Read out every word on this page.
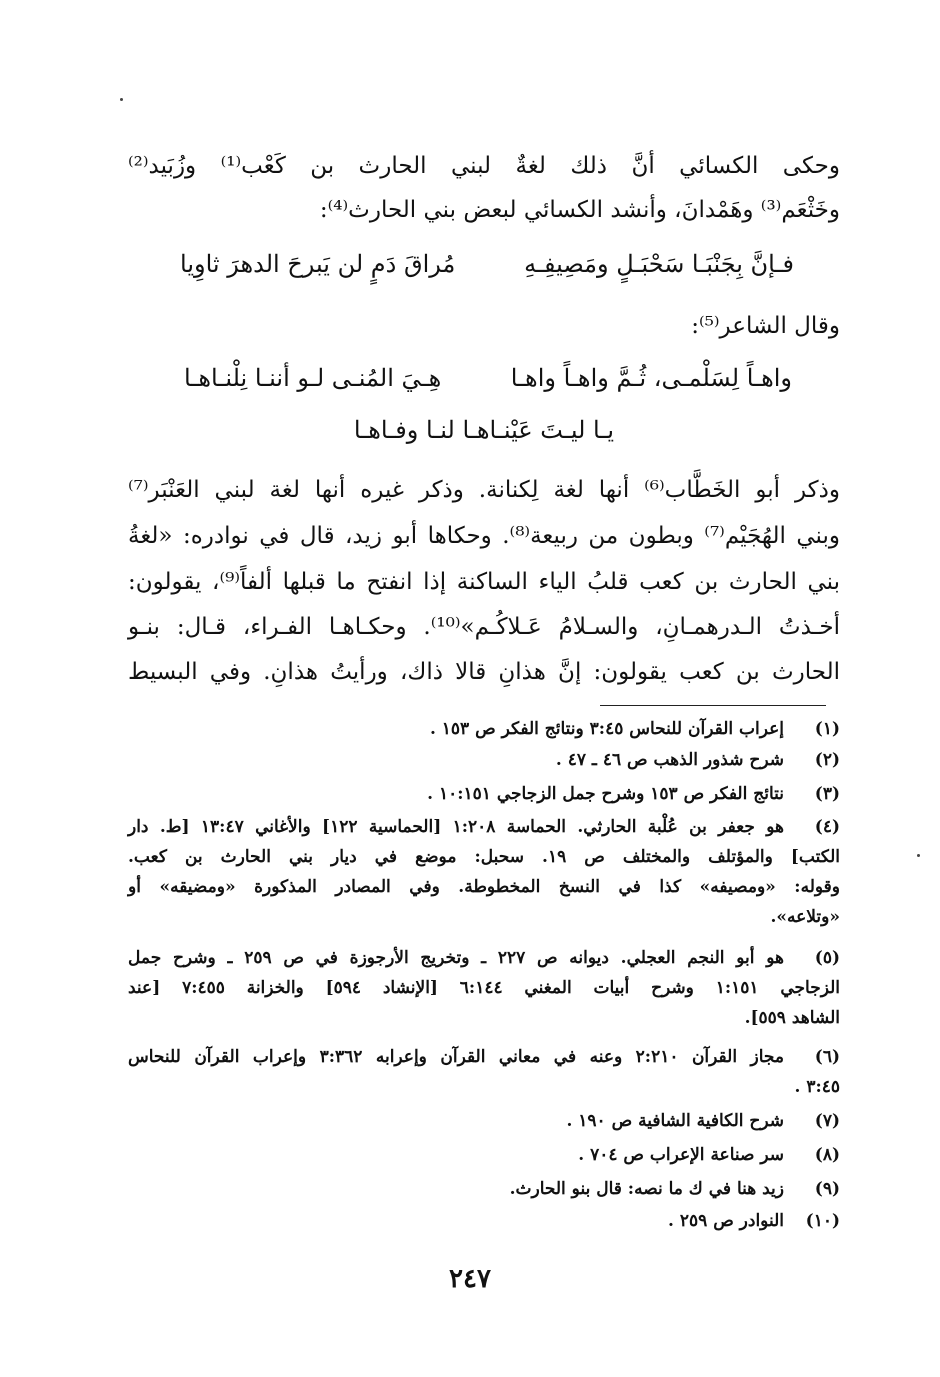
وحكى الكسائي أنَّ ذلك لغةٌ لبني الحارث بن كَعْب⁽¹⁾ وزُبَيد⁽²⁾

وخَثْعَم⁽³⁾ وهَمْدانَ، وأنشد الكسائي لبعض بني الحارث⁽⁴⁾:

فـإنَّ بِجَنْبَـا سَحْبَـلٍ ومَصِيفِـهِ
مُراقَ دَمٍ لن يَبرحَ الدهرَ ثاوِيا

وقال الشاعر⁽⁵⁾:

واهـاً لِسَلْمـى، ثُـمَّ واهـاً واهـا
هِـيَ المُنـى لـو أننـا نِلْنـاهـا
يـا ليـتَ عَيْنـاهـا لنـا وفـاهـا

وذكر أبو الخَطَّاب⁽⁶⁾ أنها لغة لِكنانة. وذكر غيره أنها لغة لبني العَنْبَر⁽⁷⁾

وبني الهُجَيْم⁽⁷⁾ وبطون من ربيعة⁽⁸⁾. وحكاها أبو زيد، قال في نوادره: «لغةُ

بني الحارث بن كعب قلبُ الياء الساكنة إذا انفتح ما قبلها ألفاً⁽⁹⁾، يقولون:

أخـذتُ الـدرهمـانِ، والسـلامُ عَـلاكُـم»⁽¹⁰⁾. وحكـاهـا الفـراء، قـال: بنـو

الحارث بن كعب يقولون: إنَّ هذانِ قالا ذاك، ورأيتُ هذانِ. وفي البسيط

(١)
إعراب القرآن للنحاس ٣:٤٥ ونتائج الفكر ص ١٥٣ .
(٢)
شرح شذور الذهب ص ٤٦ ـ ٤٧ .
(٣)
نتائج الفكر ص ١٥٣ وشرح جمل الزجاجي ١٠:١٥١ .
(٤)
هو جعفر بن عُلْبة الحارثي. الحماسة ١:٢٠٨ [الحماسية ١٢٢] والأغاني ١٣:٤٧ [ط. دار
الكتب] والمؤتلف والمختلف ص ١٩. سحبل: موضع في ديار بني الحارث بن كعب.
وقوله: «ومصيفه» كذا في النسخ المخطوطة. وفي المصادر المذكورة «ومضيقه» أو
«وتلاعه».
(٥)
هو أبو النجم العجلي. ديوانه ص ٢٢٧ ـ وتخريج الأرجوزة في ص ٢٥٩ ـ وشرح جمل
الزجاجي ١:١٥١ وشرح أبيات المغني ٦:١٤٤ [الإنشاد ٥٩٤] والخزانة ٧:٤٥٥ [عند
الشاهد ٥٥٩].
(٦)
مجاز القرآن ٢:٢١٠ وعنه في معاني القرآن وإعرابه ٣:٣٦٢ وإعراب القرآن للنحاس
٣:٤٥ .
(٧)
شرح الكافية الشافية ص ١٩٠ .
(٨)
سر صناعة الإعراب ص ٧٠٤ .
(٩)
زيد هنا في ك ما نصه: قال بنو الحارث.
(١٠)
النوادر ص ٢٥٩ .
٢٤٧
